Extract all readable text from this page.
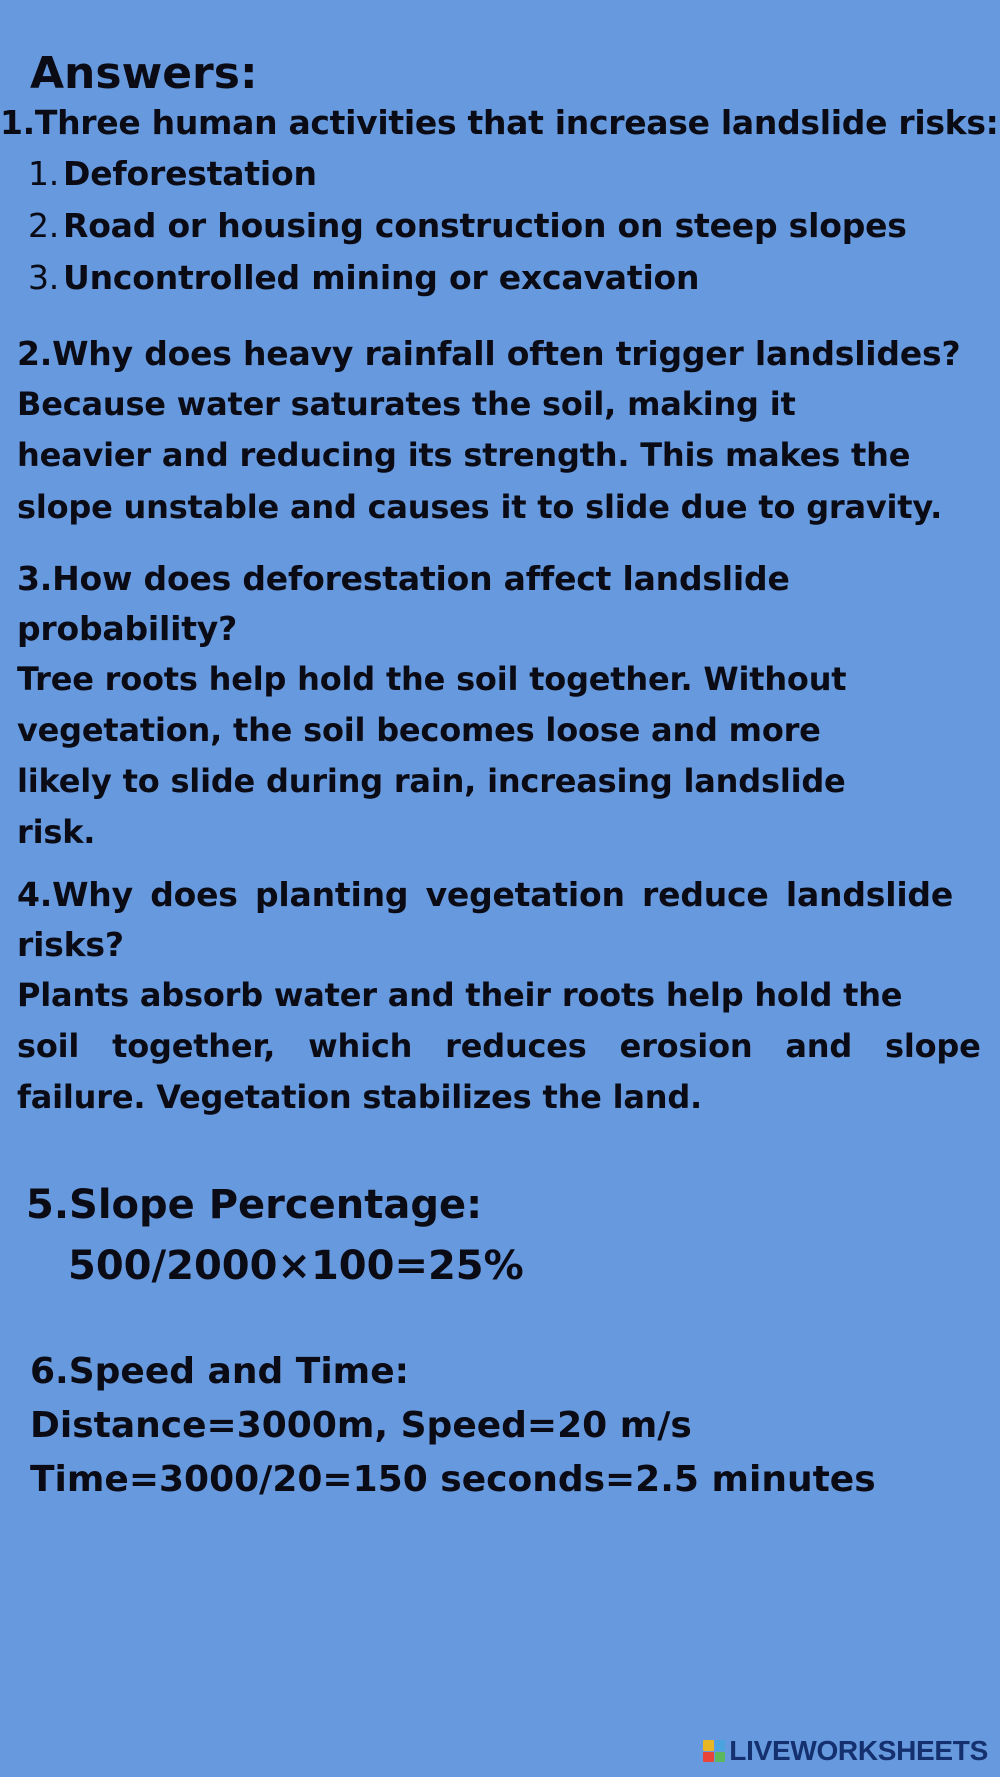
Answers:
1.Three human activities that increase landslide risks:
1. Deforestation
2. Road or housing construction on steep slopes
3. Uncontrolled mining or excavation
2.Why does heavy rainfall often trigger landslides?
Because water saturates the soil, making it
heavier and reducing its strength. This makes the
slope unstable and causes it to slide due to gravity.
3.How does deforestation affect landslide
probability?
Tree roots help hold the soil together. Without
vegetation, the soil becomes loose and more
likely to slide during rain, increasing landslide
risk.
4.Why does planting vegetation reduce landslide
risks?
Plants absorb water and their roots help hold the
soil together, which reduces erosion and slope
failure. Vegetation stabilizes the land.
5.Slope Percentage:
500/2000×100=25%
6.Speed and Time:
Distance=3000m, Speed=20 m/s
Time=3000/20=150 seconds=2.5 minutes
LIVEWORKSHEETS
